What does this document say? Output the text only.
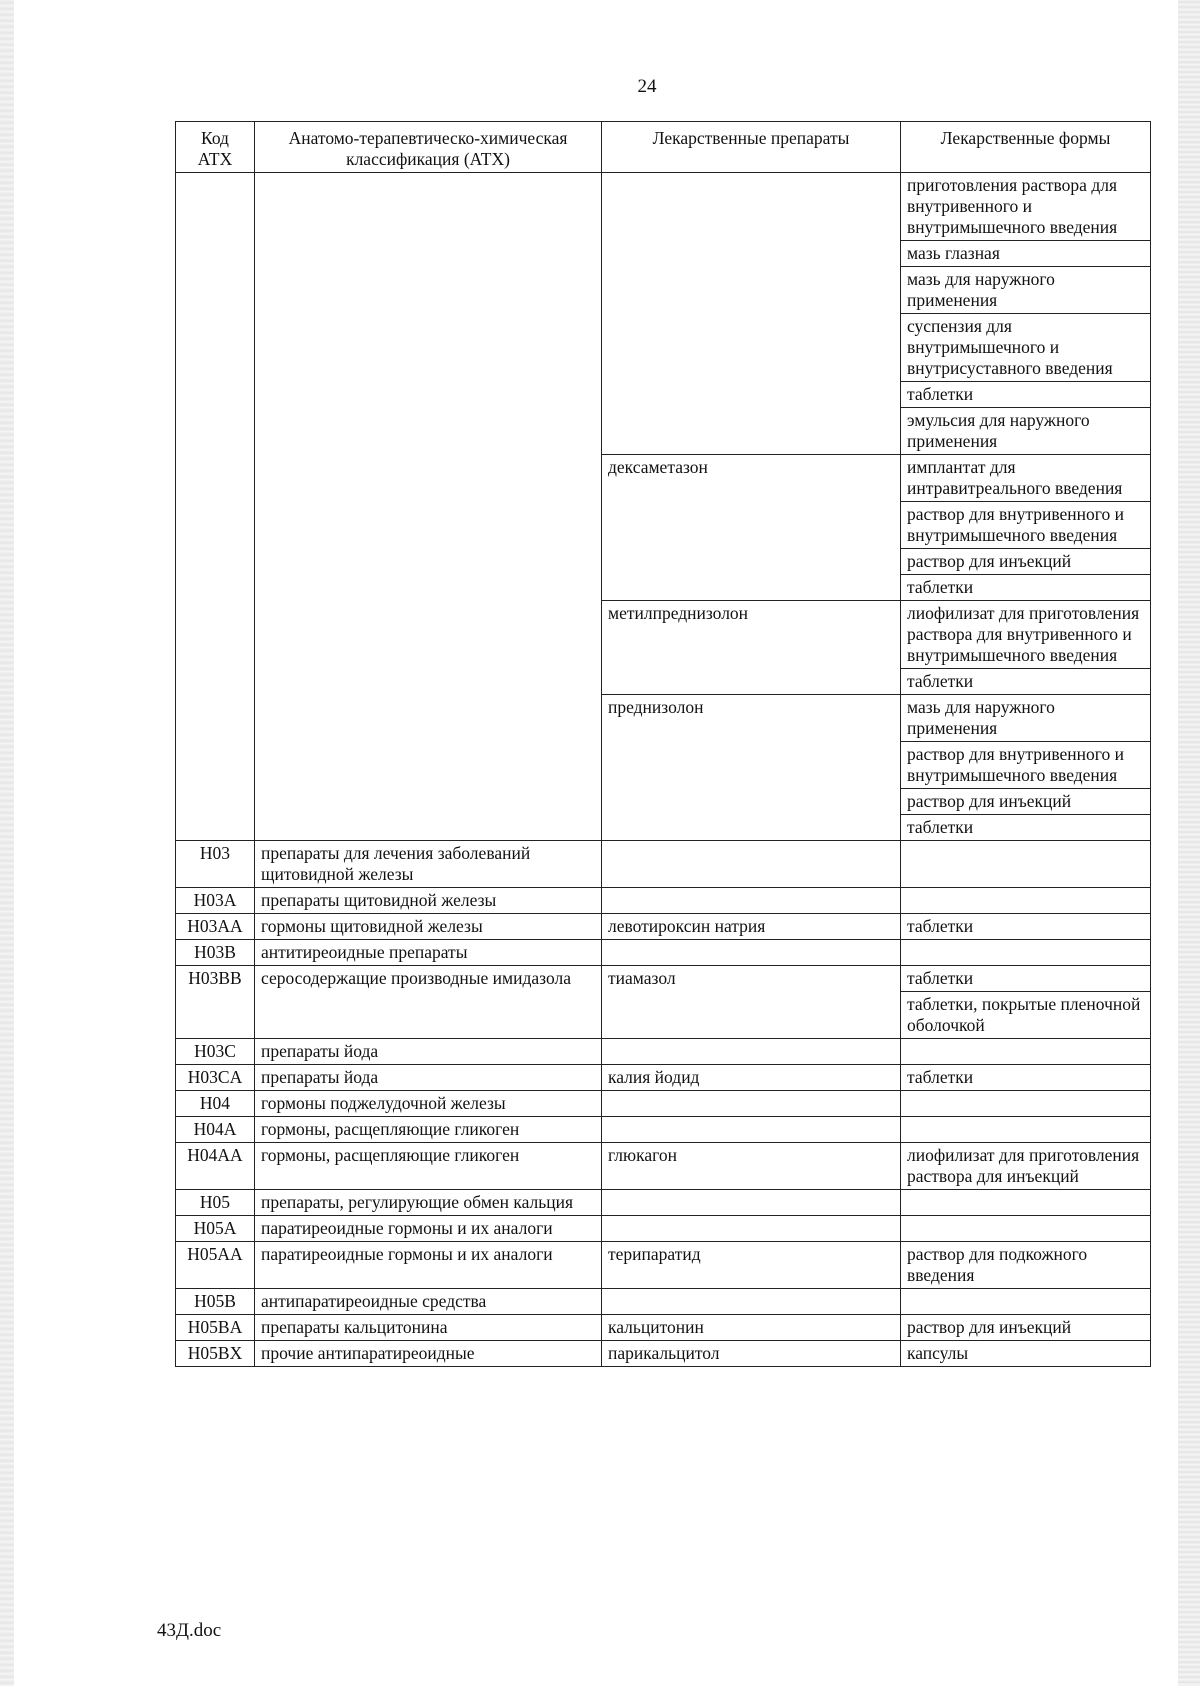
24
Код АТХ	Анатомо-терапевтическо-химическая классификация (АТХ)	Лекарственные препараты	Лекарственные формы
			приготовления раствора для внутривенного и внутримышечного введения
			мазь глазная
			мазь для наружного применения
			суспензия для внутримышечного и внутрисуставного введения
			таблетки
			эмульсия для наружного применения
		дексаметазон	имплантат для интравитреального введения
			раствор для внутривенного и внутримышечного введения
			раствор для инъекций
			таблетки
		метилпреднизолон	лиофилизат для приготовления раствора для внутривенного и внутримышечного введения
			таблетки
		преднизолон	мазь для наружного применения
			раствор для внутривенного и внутримышечного введения
			раствор для инъекций
			таблетки
H03	препараты для лечения заболеваний щитовидной железы		
H03A	препараты щитовидной железы		
H03AA	гормоны щитовидной железы	левотироксин натрия	таблетки
H03B	антитиреоидные препараты		
H03BB	серосодержащие производные имидазола	тиамазол	таблетки
			таблетки, покрытые пленочной оболочкой
H03C	препараты йода		
H03CA	препараты йода	калия йодид	таблетки
H04	гормоны поджелудочной железы		
H04A	гормоны, расщепляющие гликоген		
H04AA	гормоны, расщепляющие гликоген	глюкагон	лиофилизат для приготовления раствора для инъекций
H05	препараты, регулирующие обмен кальция		
H05A	паратиреоидные гормоны и их аналоги		
H05AA	паратиреоидные гормоны и их аналоги	терипаратид	раствор для подкожного введения
H05B	антипаратиреоидные средства		
H05BA	препараты кальцитонина	кальцитонин	раствор для инъекций
H05BX	прочие антипаратиреоидные	парикальцитол	капсулы
43Д.doc
